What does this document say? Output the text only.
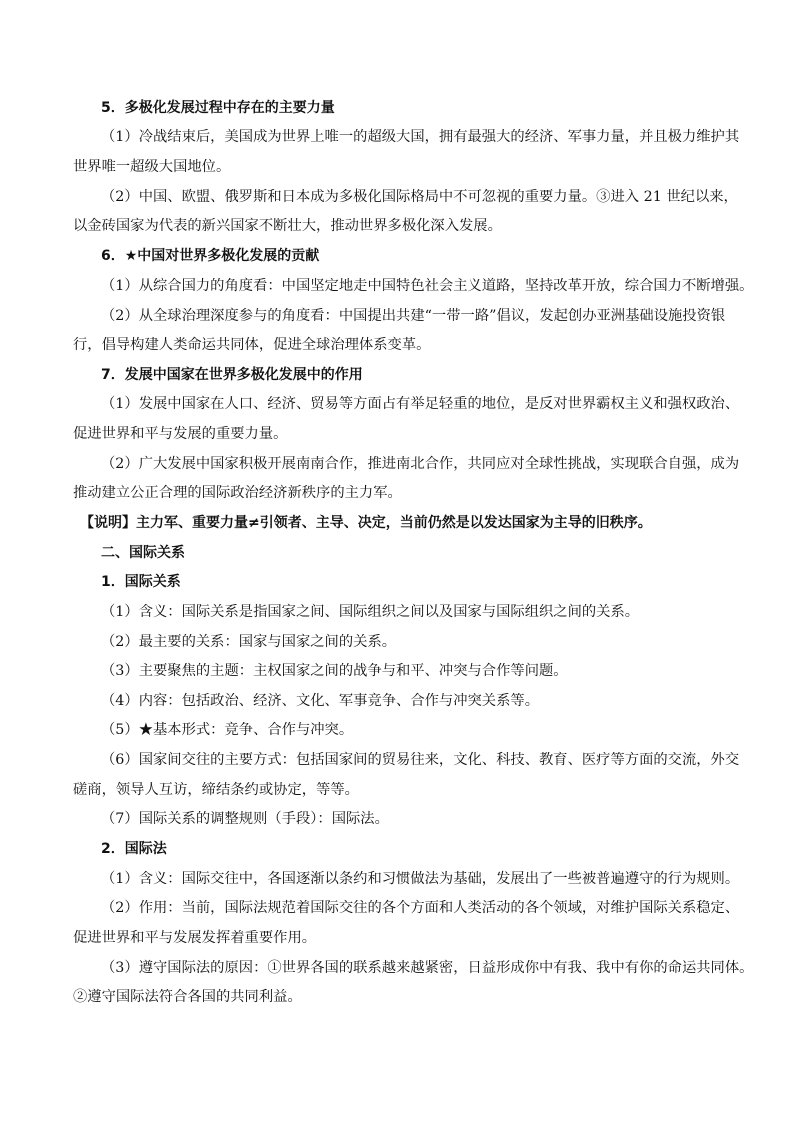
5．多极化发展过程中存在的主要力量
（1）冷战结束后，美国成为世界上唯一的超级大国，拥有最强大的经济、军事力量，并且极力维护其
世界唯一超级大国地位。
（2）中国、欧盟、俄罗斯和日本成为多极化国际格局中不可忽视的重要力量。③进入 21 世纪以来，
以金砖国家为代表的新兴国家不断壮大，推动世界多极化深入发展。
6．★中国对世界多极化发展的贡献
（1）从综合国力的角度看：中国坚定地走中国特色社会主义道路，坚持改革开放，综合国力不断增强。
（2）从全球治理深度参与的角度看：中国提出共建“一带一路”倡议，发起创办亚洲基础设施投资银
行，倡导构建人类命运共同体，促进全球治理体系变革。
7．发展中国家在世界多极化发展中的作用
（1）发展中国家在人口、经济、贸易等方面占有举足轻重的地位，是反对世界霸权主义和强权政治、
促进世界和平与发展的重要力量。
（2）广大发展中国家积极开展南南合作，推进南北合作，共同应对全球性挑战，实现联合自强，成为
推动建立公正合理的国际政治经济新秩序的主力军。
【说明】主力军、重要力量≠引领者、主导、决定，当前仍然是以发达国家为主导的旧秩序。
二、国际关系
1．国际关系
（1）含义：国际关系是指国家之间、国际组织之间以及国家与国际组织之间的关系。
（2）最主要的关系：国家与国家之间的关系。
（3）主要聚焦的主题：主权国家之间的战争与和平、冲突与合作等问题。
（4）内容：包括政治、经济、文化、军事竞争、合作与冲突关系等。
（5）★基本形式：竞争、合作与冲突。
（6）国家间交往的主要方式：包括国家间的贸易往来，文化、科技、教育、医疗等方面的交流，外交
磋商，领导人互访，缔结条约或协定，等等。
（7）国际关系的调整规则（手段）：国际法。
2．国际法
（1）含义：国际交往中，各国逐渐以条约和习惯做法为基础，发展出了一些被普遍遵守的行为规则。
（2）作用：当前，国际法规范着国际交往的各个方面和人类活动的各个领域，对维护国际关系稳定、
促进世界和平与发展发挥着重要作用。
（3）遵守国际法的原因：①世界各国的联系越来越紧密，日益形成你中有我、我中有你的命运共同体。
②遵守国际法符合各国的共同利益。
